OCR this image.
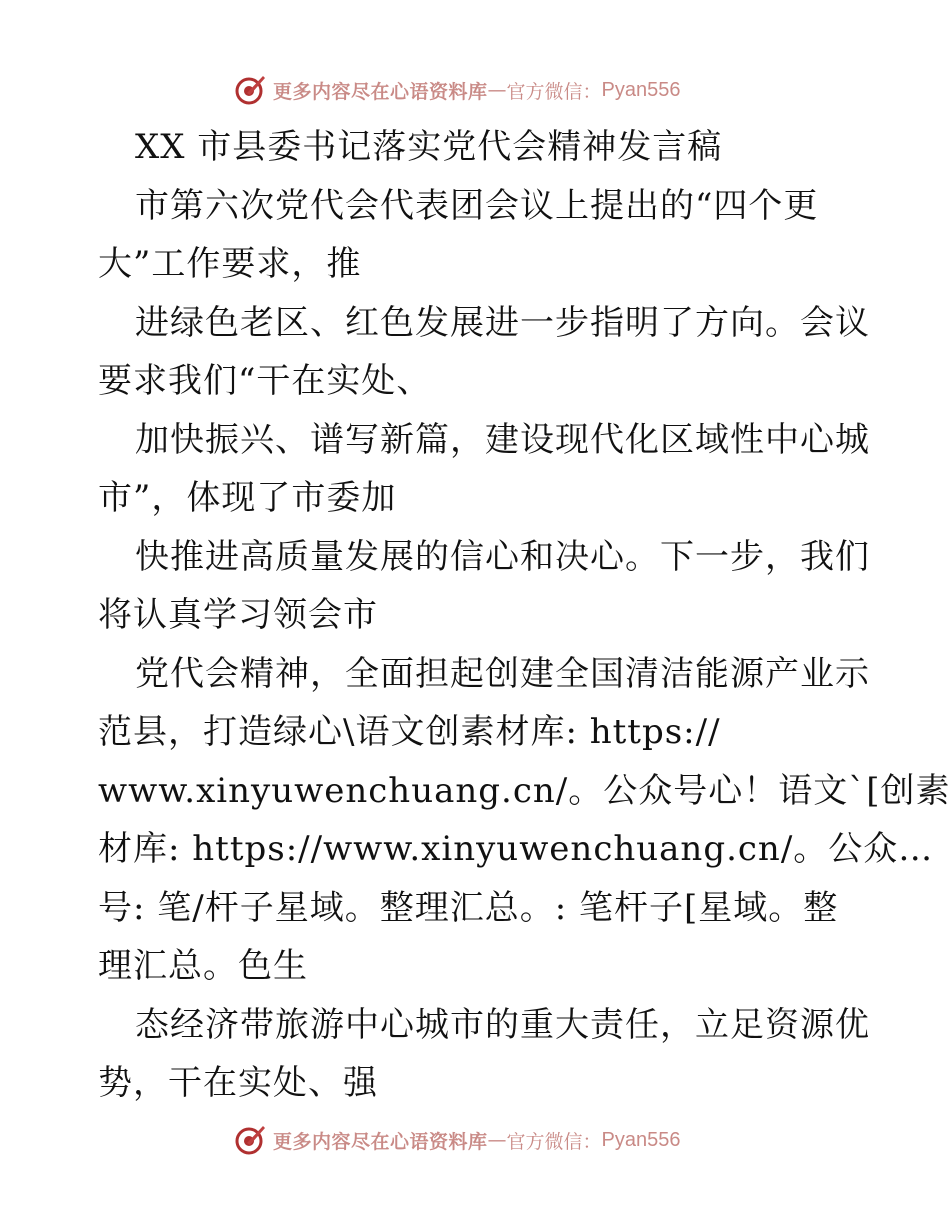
更多内容尽在心语资料库 — 官方微信： Pyan556
XX 市县委书记落实党代会精神发言稿
市第六次党代会代表团会议上提出的“四个更
大”工作要求，推
进绿色老区、红色发展进一步指明了方向。会议
要求我们“干在实处、
加快振兴、谱写新篇，建设现代化区域性中心城
市”，体现了市委加
快推进高质量发展的信心和决心。下一步，我们
将认真学习领会市
党代会精神，全面担起创建全国清洁能源产业示
范县，打造绿心\语文创素材库: https://
www.xinyuwenchuang.cn/。公众号心！语文`[创素
材库: https://www.xinyuwenchuang.cn/。公众…
号: 笔/杆子星域。整理汇总。: 笔杆子[星域。整
理汇总。色生
态经济带旅游中心城市的重大责任，立足资源优
势，干在实处、强
更多内容尽在心语资料库 — 官方微信： Pyan556
